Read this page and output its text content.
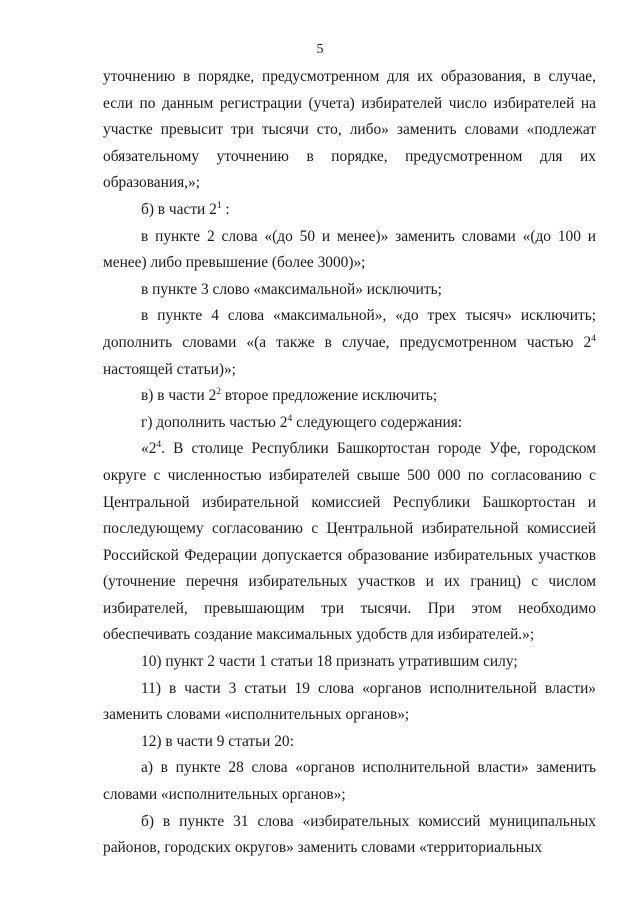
5

уточнению в порядке, предусмотренном для их образования, в случае, если по данным регистрации (учета) избирателей число избирателей на участке превысит три тысячи сто, либо» заменить словами «подлежат обязательному уточнению в порядке, предусмотренном для их образования,»;

б) в части $2^1$ :

в пункте 2 слова «(до 50 и менее)» заменить словами «(до 100 и менее) либо превышение (более 3000)»;

в пункте 3 слово «максимальной» исключить;

в пункте 4 слова «максимальной», «до трех тысяч» исключить; дополнить словами «(а также в случае, предусмотренном частью $2^4$ настоящей статьи)»;

в) в части $2^2$ второе предложение исключить;

г) дополнить частью $2^4$ следующего содержания:

«$2^4$. В столице Республики Башкортостан городе Уфе, городском округе с численностью избирателей свыше 500 000 по согласованию с Центральной избирательной комиссией Республики Башкортостан и последующему согласованию с Центральной избирательной комиссией Российской Федерации допускается образование избирательных участков (уточнение перечня избирательных участков и их границ) с числом избирателей, превышающим три тысячи. При этом необходимо обеспечивать создание максимальных удобств для избирателей.»;

10) пункт 2 части 1 статьи 18 признать утратившим силу;

11) в части 3 статьи 19 слова «органов исполнительной власти» заменить словами «исполнительных органов»;

12) в части 9 статьи 20:

а) в пункте 28 слова «органов исполнительной власти» заменить словами «исполнительных органов»;

б) в пункте 31 слова «избирательных комиссий муниципальных районов, городских округов» заменить словами «территориальных
